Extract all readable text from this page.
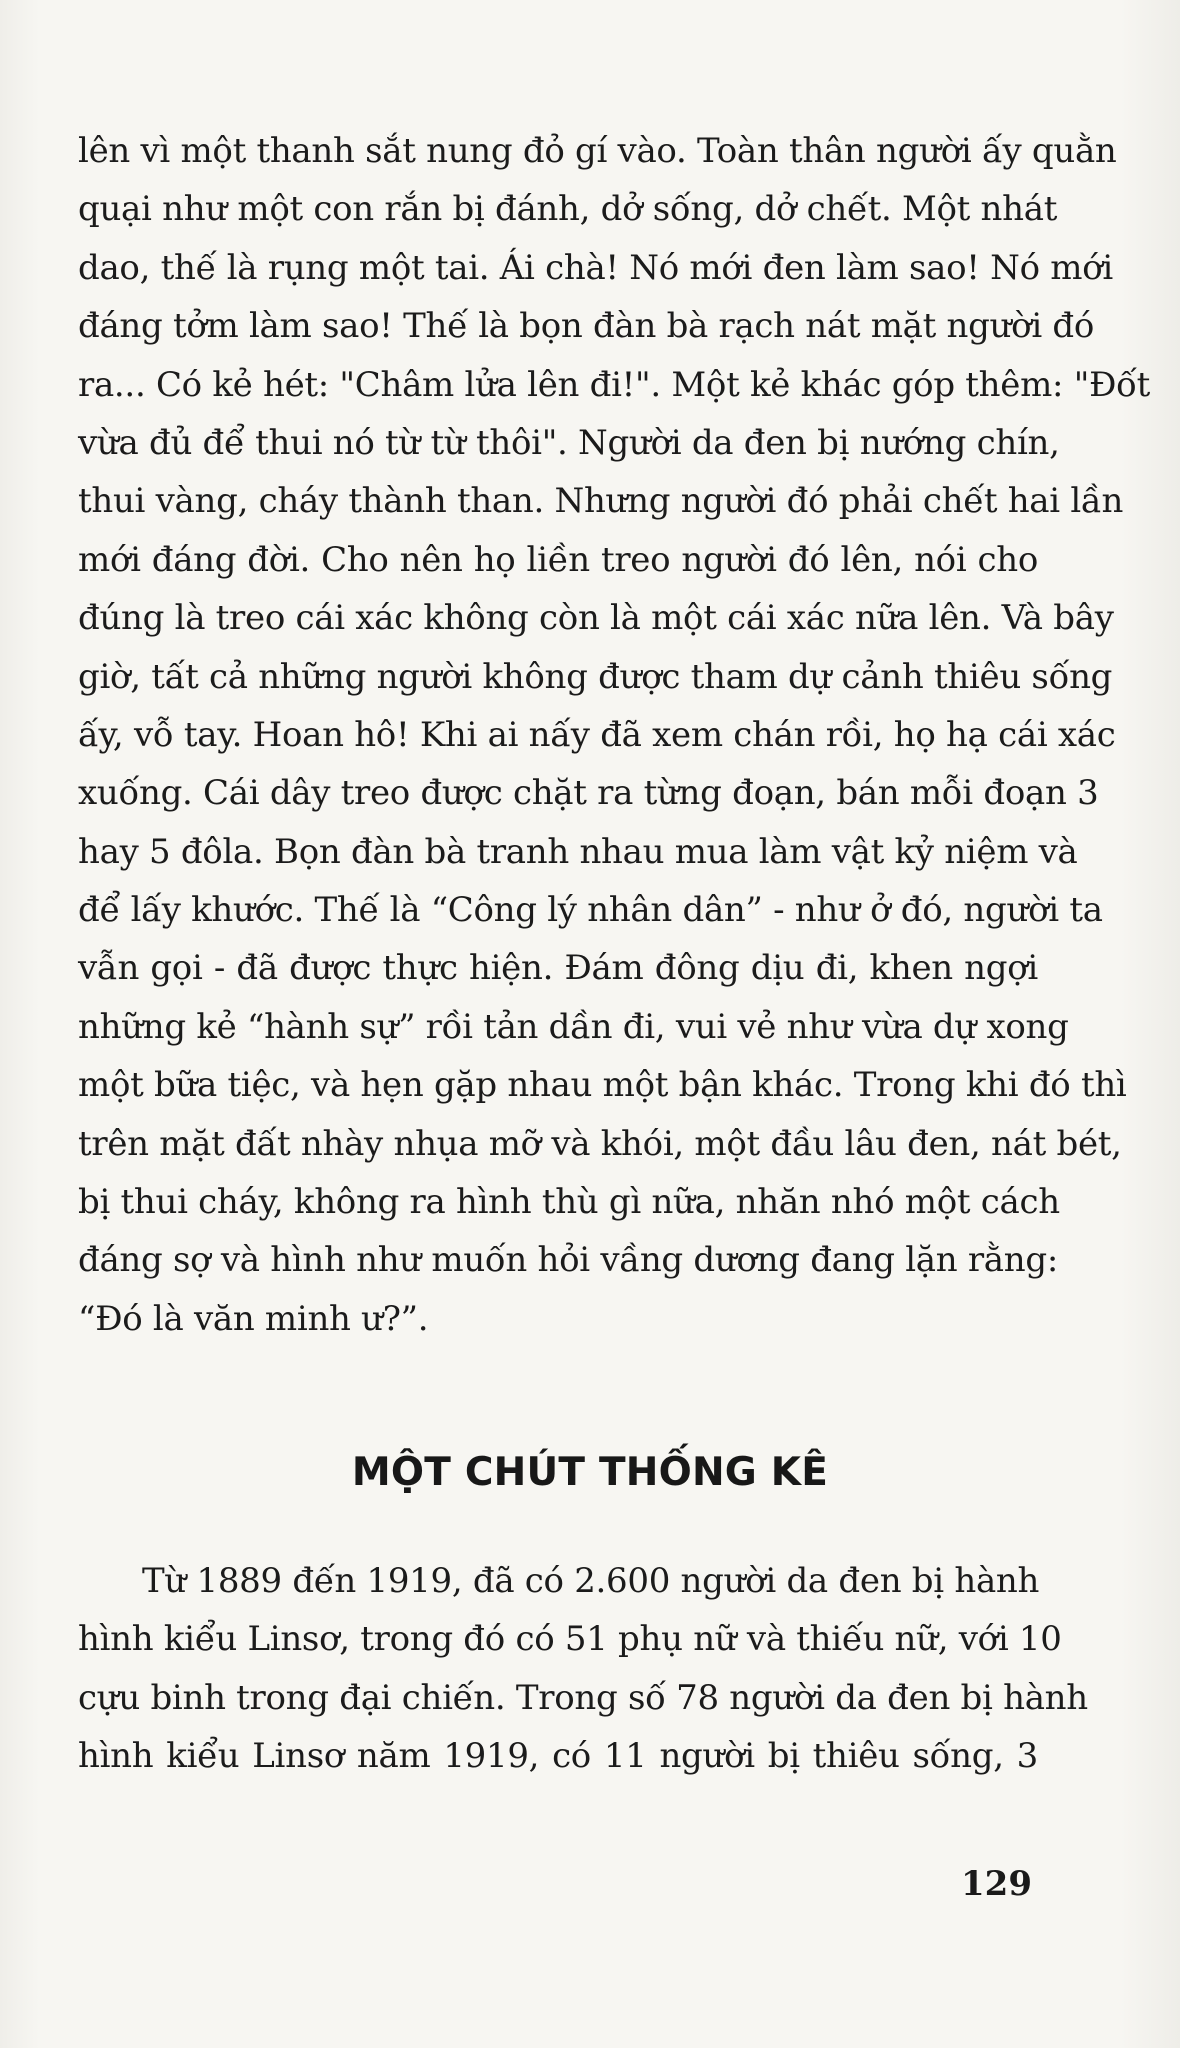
lên vì một thanh sắt nung đỏ gí vào. Toàn thân người ấy quằn
quại như một con rắn bị đánh, dở sống, dở chết. Một nhát
dao, thế là rụng một tai. Ái chà! Nó mới đen làm sao! Nó mới
đáng tởm làm sao! Thế là bọn đàn bà rạch nát mặt người đó
ra... Có kẻ hét: "Châm lửa lên đi!". Một kẻ khác góp thêm: "Đốt
vừa đủ để thui nó từ từ thôi". Người da đen bị nướng chín,
thui vàng, cháy thành than. Nhưng người đó phải chết hai lần
mới đáng đời. Cho nên họ liền treo người đó lên, nói cho
đúng là treo cái xác không còn là một cái xác nữa lên. Và bây
giờ, tất cả những người không được tham dự cảnh thiêu sống
ấy, vỗ tay. Hoan hô! Khi ai nấy đã xem chán rồi, họ hạ cái xác
xuống. Cái dây treo được chặt ra từng đoạn, bán mỗi đoạn 3
hay 5 đôla. Bọn đàn bà tranh nhau mua làm vật kỷ niệm và
để lấy khước. Thế là “Công lý nhân dân” - như ở đó, người ta
vẫn gọi - đã được thực hiện. Đám đông dịu đi, khen ngợi
những kẻ “hành sự” rồi tản dần đi, vui vẻ như vừa dự xong
một bữa tiệc, và hẹn gặp nhau một bận khác. Trong khi đó thì
trên mặt đất nhày nhụa mỡ và khói, một đầu lâu đen, nát bét,
bị thui cháy, không ra hình thù gì nữa, nhăn nhó một cách
đáng sợ và hình như muốn hỏi vầng dương đang lặn rằng:
“Đó là văn minh ư?”.
MỘT CHÚT THỐNG KÊ
Từ 1889 đến 1919, đã có 2.600 người da đen bị hành
hình kiểu Linsơ, trong đó có 51 phụ nữ và thiếu nữ, với 10
cựu binh trong đại chiến. Trong số 78 người da đen bị hành
hình kiểu Linsơ năm 1919, có 11 người bị thiêu sống, 3
129
